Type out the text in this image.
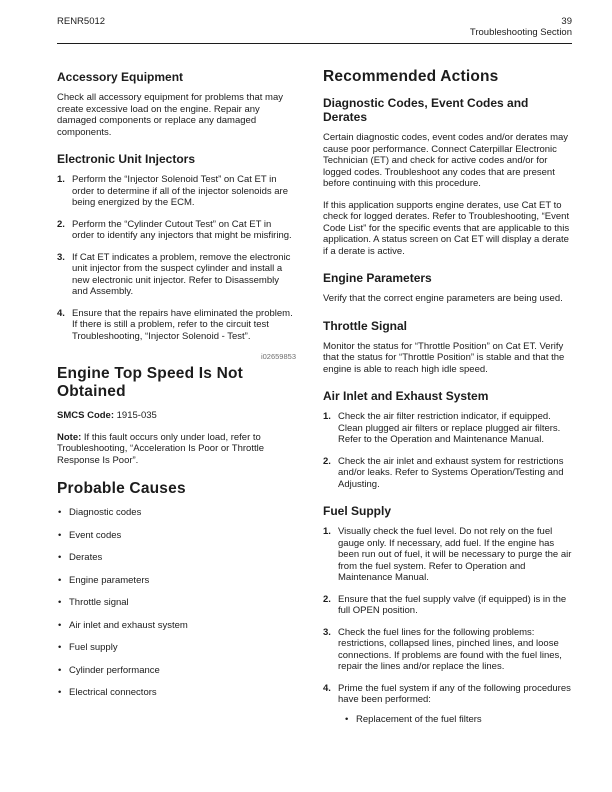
RENR5012	39
Troubleshooting Section
Accessory Equipment

Check all accessory equipment for problems that may create excessive load on the engine. Repair any damaged components or replace any damaged components.

Electronic Unit Injectors
Perform the “Injector Solenoid Test” on Cat ET in order to determine if all of the injector solenoids are being energized by the ECM.
Perform the “Cylinder Cutout Test” on Cat ET in order to identify any injectors that might be misfiring.
If Cat ET indicates a problem, remove the electronic unit injector from the suspect cylinder and install a new electronic unit injector. Refer to Disassembly and Assembly.
Ensure that the repairs have eliminated the problem. If there is still a problem, refer to the circuit test Troubleshooting, “Injector Solenoid - Test”.
i02659853
Engine Top Speed Is Not Obtained

SMCS Code: 1915-035

Note: If this fault occurs only under load, refer to Troubleshooting, “Acceleration Is Poor or Throttle Response Is Poor”.

Probable Causes
• Diagnostic codes
• Event codes
• Derates
• Engine parameters
• Throttle signal
• Air inlet and exhaust system
• Fuel supply
• Cylinder performance
• Electrical connectors
Recommended Actions
Diagnostic Codes, Event Codes and Derates

Certain diagnostic codes, event codes and/or derates may cause poor performance. Connect Caterpillar Electronic Technician (ET) and check for active codes and/or for logged codes. Troubleshoot any codes that are present before continuing with this procedure.

If this application supports engine derates, use Cat ET to check for logged derates. Refer to Troubleshooting, “Event Code List” for the specific events that are applicable to this application. A status screen on Cat ET will display a derate if a derate is active.

Engine Parameters

Verify that the correct engine parameters are being used.

Throttle Signal

Monitor the status for “Throttle Position” on Cat ET. Verify that the status for “Throttle Position” is stable and that the engine is able to reach high idle speed.

Air Inlet and Exhaust System
Check the air filter restriction indicator, if equipped. Clean plugged air filters or replace plugged air filters. Refer to the Operation and Maintenance Manual.
Check the air inlet and exhaust system for restrictions and/or leaks. Refer to Systems Operation/Testing and Adjusting.
Fuel Supply
Visually check the fuel level. Do not rely on the fuel gauge only. If necessary, add fuel. If the engine has been run out of fuel, it will be necessary to purge the air from the fuel system. Refer to Operation and Maintenance Manual.
Ensure that the fuel supply valve (if equipped) is in the full OPEN position.
Check the fuel lines for the following problems: restrictions, collapsed lines, pinched lines, and loose connections. If problems are found with the fuel lines, repair the lines and/or replace the lines.
Prime the fuel system if any of the following procedures have been performed:
• Replacement of the fuel filters
